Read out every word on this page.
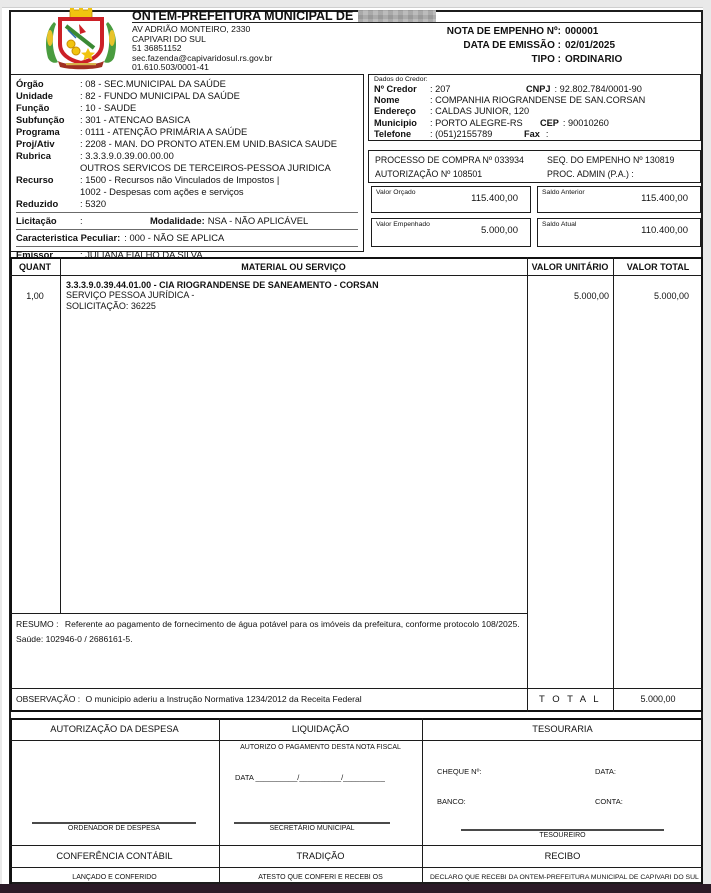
ONTEM-PREFEITURA MUNICIPAL DE
AV ADRIÃO MONTEIRO, 2330
CAPIVARI DO SUL
51 36851152
sec.fazenda@capivaridosul.rs.gov.br
01.610.503/0001-41
NOTA DE EMPENHO Nº: 000001
DATA DE EMISSÃO : 02/01/2025
TIPO : ORDINARIO
Órgão	: 08 - SEC.MUNICIPAL DA SAÚDE
Unidade	: 82 - FUNDO MUNICIPAL DA SAÚDE
Função	: 10 - SAUDE
Subfunção	: 301 - ATENCAO BASICA
Programa	: 0111 - ATENÇÃO PRIMÁRIA A SAÚDE
Proj/Ativ	: 2208 - MAN. DO PRONTO ATEN.EM UNID.BASICA SAUDE
Rubrica	: 3.3.3.9.0.39.00.00.00
OUTROS SERVICOS DE TERCEIROS-PESSOA JURIDICA
Recurso	: 1500 - Recursos não Vinculados de Impostos |
1002 - Despesas com ações e serviços
Reduzido	: 5320
Licitação	:	Modalidade: NSA - NÃO APLICÁVEL
Caracteristica Peculiar: : 000 - NÃO SE APLICA
Emissor	: JULIANA FIALHO DA SILVA
Dados do Credor:
Nº Credor	: 207	CNPJ : 92.802.784/0001-90
Nome	: COMPANHIA RIOGRANDENSE DE SAN.CORSAN
Endereço	: CALDAS JUNIOR, 120
Municipio	: PORTO ALEGRE-RS	CEP : 90010260
Telefone	: (051)2155789	Fax :
PROCESSO DE COMPRA Nº 033934	SEQ. DO EMPENHO Nº 130819
AUTORIZAÇÃO Nº 108501	PROC. ADMIN (P.A.) :
Valor Orçado
115.400,00
Saldo Anterior
115.400,00
Valor Empenhado
5.000,00
Saldo Atual
110.400,00
QUANT	MATERIAL OU SERVIÇO	VALOR UNITÁRIO	VALOR TOTAL
1,00
3.3.3.9.0.39.44.01.00 - CIA RIOGRANDENSE DE SANEAMENTO - CORSAN
SERVIÇO PESSOA JURÍDICA -
SOLICITAÇÃO: 36225
5.000,00	5.000,00
RESUMO : Referente ao pagamento de fornecimento de água potável para os imóveis da prefeitura, conforme protocolo 108/2025.
Saúde: 102946-0 / 2686161-5.
OBSERVAÇÃO : O municipio aderiu a Instrução Normativa 1234/2012 da Receita Federal	T O T A L	5.000,00
AUTORIZAÇÃO DA DESPESA	LIQUIDAÇÃO	TESOURARIA
AUTORIZO O PAGAMENTO DESTA NOTA FISCAL
DATA __________/__________/__________
SECRETÁRIO MUNICIPAL
ORDENADOR DE DESPESA
CHEQUE Nº:	DATA:
BANCO:	CONTA:
TESOUREIRO
CONFERÊNCIA CONTÁBIL	TRADIÇÃO	RECIBO
LANÇADO E CONFERIDO	ATESTO QUE CONFERI E RECEBI OS	DECLARO QUE RECEBI DA ONTEM-PREFEITURA MUNICIPAL DE CAPIVARI DO SUL
